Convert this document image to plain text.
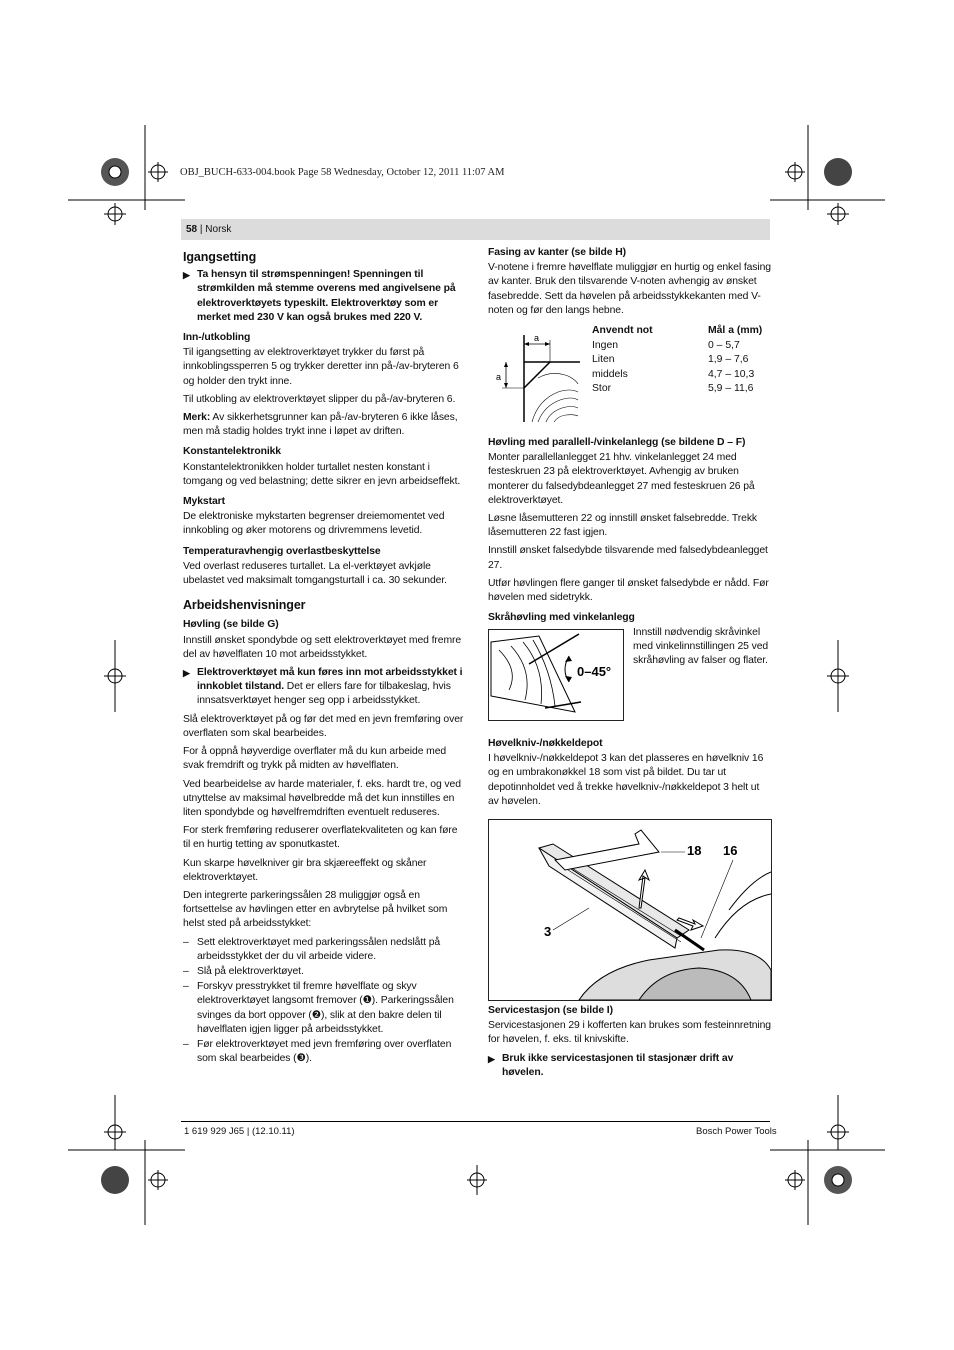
OBJ_BUCH-633-004.book Page 58 Wednesday, October 12, 2011 11:07 AM
58 | Norsk
Igangsetting
▶ Ta hensyn til strømspenningen! Spenningen til strømkilden må stemme overens med angivelsene på elektroverktøyets typeskilt. Elektroverktøy som er merket med 230 V kan også brukes med 220 V.
Inn-/utkobling

Til igangsetting av elektroverktøyet trykker du først på innkoblingssperren 5 og trykker deretter inn på-/av-bryteren 6 og holder den trykt inne.

Til utkobling av elektroverktøyet slipper du på-/av-bryteren 6.

Merk: Av sikkerhetsgrunner kan på-/av-bryteren 6 ikke låses, men må stadig holdes trykt inne i løpet av driften.

Konstantelektronikk

Konstantelektronikken holder turtallet nesten konstant i tomgang og ved belastning; dette sikrer en jevn arbeidseffekt.

Mykstart

De elektroniske mykstarten begrenser dreiemomentet ved innkobling og øker motorens og drivremmens levetid.

Temperaturavhengig overlastbeskyttelse

Ved overlast reduseres turtallet. La el-verktøyet avkjøle ubelastet ved maksimalt tomgangsturtall i ca. 30 sekunder.

Arbeidshenvisninger
Høvling (se bilde G)

Innstill ønsket spondybde og sett elektroverktøyet med fremre del av høvelflaten 10 mot arbeidsstykket.

▶ Elektroverktøyet må kun føres inn mot arbeidsstykket i innkoblet tilstand. Det er ellers fare for tilbakeslag, hvis innsatsverktøyet henger seg opp i arbeidsstykket.

Slå elektroverktøyet på og før det med en jevn fremføring over overflaten som skal bearbeides.

For å oppnå høyverdige overflater må du kun arbeide med svak fremdrift og trykk på midten av høvelflaten.

Ved bearbeidelse av harde materialer, f. eks. hardt tre, og ved utnyttelse av maksimal høvelbredde må det kun innstilles en liten spondybde og høvelfremdriften eventuelt reduseres.

For sterk fremføring reduserer overflatekvaliteten og kan føre til en hurtig tetting av sponutkastet.

Kun skarpe høvelkniver gir bra skjæreeffekt og skåner elektroverktøyet.

Den integrerte parkeringssålen 28 muliggjør også en fortsettelse av høvlingen etter en avbrytelse på hvilket som helst sted på arbeidsstykket:

– Sett elektroverktøyet med parkeringssålen nedslått på arbeidsstykket der du vil arbeide videre.
– Slå på elektroverktøyet.
– Forskyv presstrykket til fremre høvelflate og skyv elektroverktøyet langsomt fremover (❶). Parkeringssålen svinges da bort oppover (❷), slik at den bakre delen til høvelflaten igjen ligger på arbeidsstykket.
– Før elektroverktøyet med jevn fremføring over overflaten som skal bearbeides (❸).
Fasing av kanter (se bilde H)

V-notene i fremre høvelflate muliggjør en hurtig og enkel fasing av kanter. Bruk den tilsvarende V-noten avhengig av ønsket fasebredde. Sett da høvelen på arbeidsstykkekanten med V-noten og før den langs hebne.

a
a
Anvendt not	Mål a (mm)
Ingen	0 – 5,7
Liten	1,9 – 7,6
middels	4,7 – 10,3
Stor	5,9 – 11,6
Høvling med parallell-/vinkelanlegg (se bildene D – F)

Monter parallellanlegget 21 hhv. vinkelanlegget 24 med festeskruen 23 på elektroverktøyet. Avhengig av bruken monterer du falsedybdeanlegget 27 med festeskruen 26 på elektroverktøyet.

Løsne låsemutteren 22 og innstill ønsket falsebredde. Trekk låsemutteren 22 fast igjen.

Innstill ønsket falsedybde tilsvarende med falsedybdeanlegget 27.

Utfør høvlingen flere ganger til ønsket falsedybde er nådd. Før høvelen med sidetrykk.

Skråhøvling med vinkelanlegg
0–45°

Innstill nødvendig skråvinkel med vinkelinnstillingen 25 ved skråhøvling av falser og flater.

Høvelkniv-/nøkkeldepot

I høvelkniv-/nøkkeldepot 3 kan det plasseres en høvelkniv 16 og en umbrakonøkkel 18 som vist på bildet. Du tar ut depotinnholdet ved å trekke høvelkniv-/nøkkeldepot 3 helt ut av høvelen.

18 16
3
Servicestasjon (se bilde I)

Servicestasjonen 29 i kofferten kan brukes som festeinnretning for høvelen, f. eks. til knivskifte.

▶ Bruk ikke servicestasjonen til stasjonær drift av høvelen.
1 619 929 J65 | (12.10.11)	Bosch Power Tools
